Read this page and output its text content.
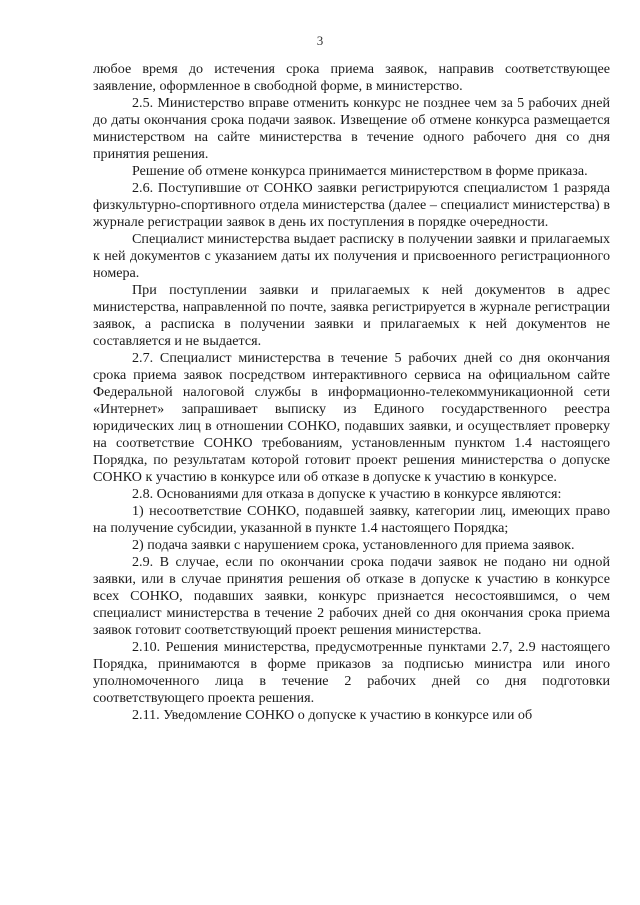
3

любое время до истечения срока приема заявок, направив соответствующее заявление, оформленное в свободной форме, в министерство.

2.5. Министерство вправе отменить конкурс не позднее чем за 5 рабочих дней до даты окончания срока подачи заявок. Извещение об отмене конкурса размещается министерством на сайте министерства в течение одного рабочего дня со дня принятия решения.

Решение об отмене конкурса принимается министерством в форме приказа.

2.6. Поступившие от СОНКО заявки регистрируются специалистом 1 разряда физкультурно-спортивного отдела министерства (далее – специалист министерства) в журнале регистрации заявок в день их поступления в порядке очередности.

Специалист министерства выдает расписку в получении заявки и прилагаемых к ней документов с указанием даты их получения и присвоенного регистрационного номера.

При поступлении заявки и прилагаемых к ней документов в адрес министерства, направленной по почте, заявка регистрируется в журнале регистрации заявок, а расписка в получении заявки и прилагаемых к ней документов не составляется и не выдается.

2.7. Специалист министерства в течение 5 рабочих дней со дня окончания срока приема заявок посредством интерактивного сервиса на официальном сайте Федеральной налоговой службы в информационно-телекоммуникационной сети «Интернет» запрашивает выписку из Единого государственного реестра юридических лиц в отношении СОНКО, подавших заявки, и осуществляет проверку на соответствие СОНКО требованиям, установленным пунктом 1.4 настоящего Порядка, по результатам которой готовит проект решения министерства о допуске СОНКО к участию в конкурсе или об отказе в допуске к участию в конкурсе.

2.8. Основаниями для отказа в допуске к участию в конкурсе являются:

1) несоответствие СОНКО, подавшей заявку, категории лиц, имеющих право на получение субсидии, указанной в пункте 1.4 настоящего Порядка;

2) подача заявки с нарушением срока, установленного для приема заявок.

2.9. В случае, если по окончании срока подачи заявок не подано ни одной заявки, или в случае принятия решения об отказе в допуске к участию в конкурсе всех СОНКО, подавших заявки, конкурс признается несостоявшимся, о чем специалист министерства в течение 2 рабочих дней со дня окончания срока приема заявок готовит соответствующий проект решения министерства.

2.10. Решения министерства, предусмотренные пунктами 2.7, 2.9 настоящего Порядка, принимаются в форме приказов за подписью министра или иного уполномоченного лица в течение 2 рабочих дней со дня подготовки соответствующего проекта решения.

2.11. Уведомление СОНКО о допуске к участию в конкурсе или об
